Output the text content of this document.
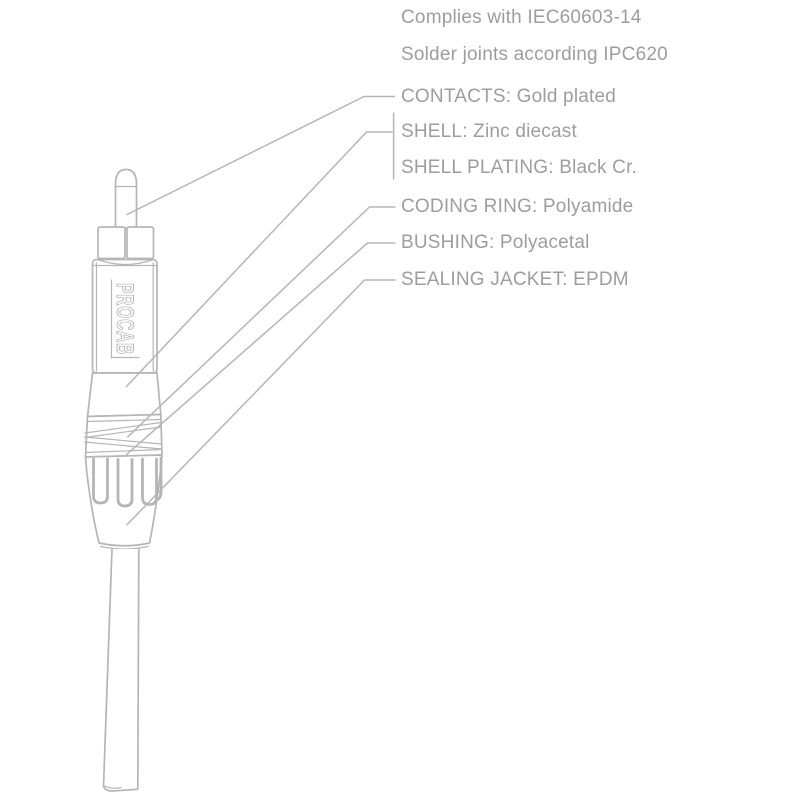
PROCAB
Complies with IEC60603-14
Solder joints according IPC620
CONTACTS: Gold plated
SHELL: Zinc diecast
SHELL PLATING: Black Cr.
CODING RING: Polyamide
BUSHING: Polyacetal
SEALING JACKET: EPDM
